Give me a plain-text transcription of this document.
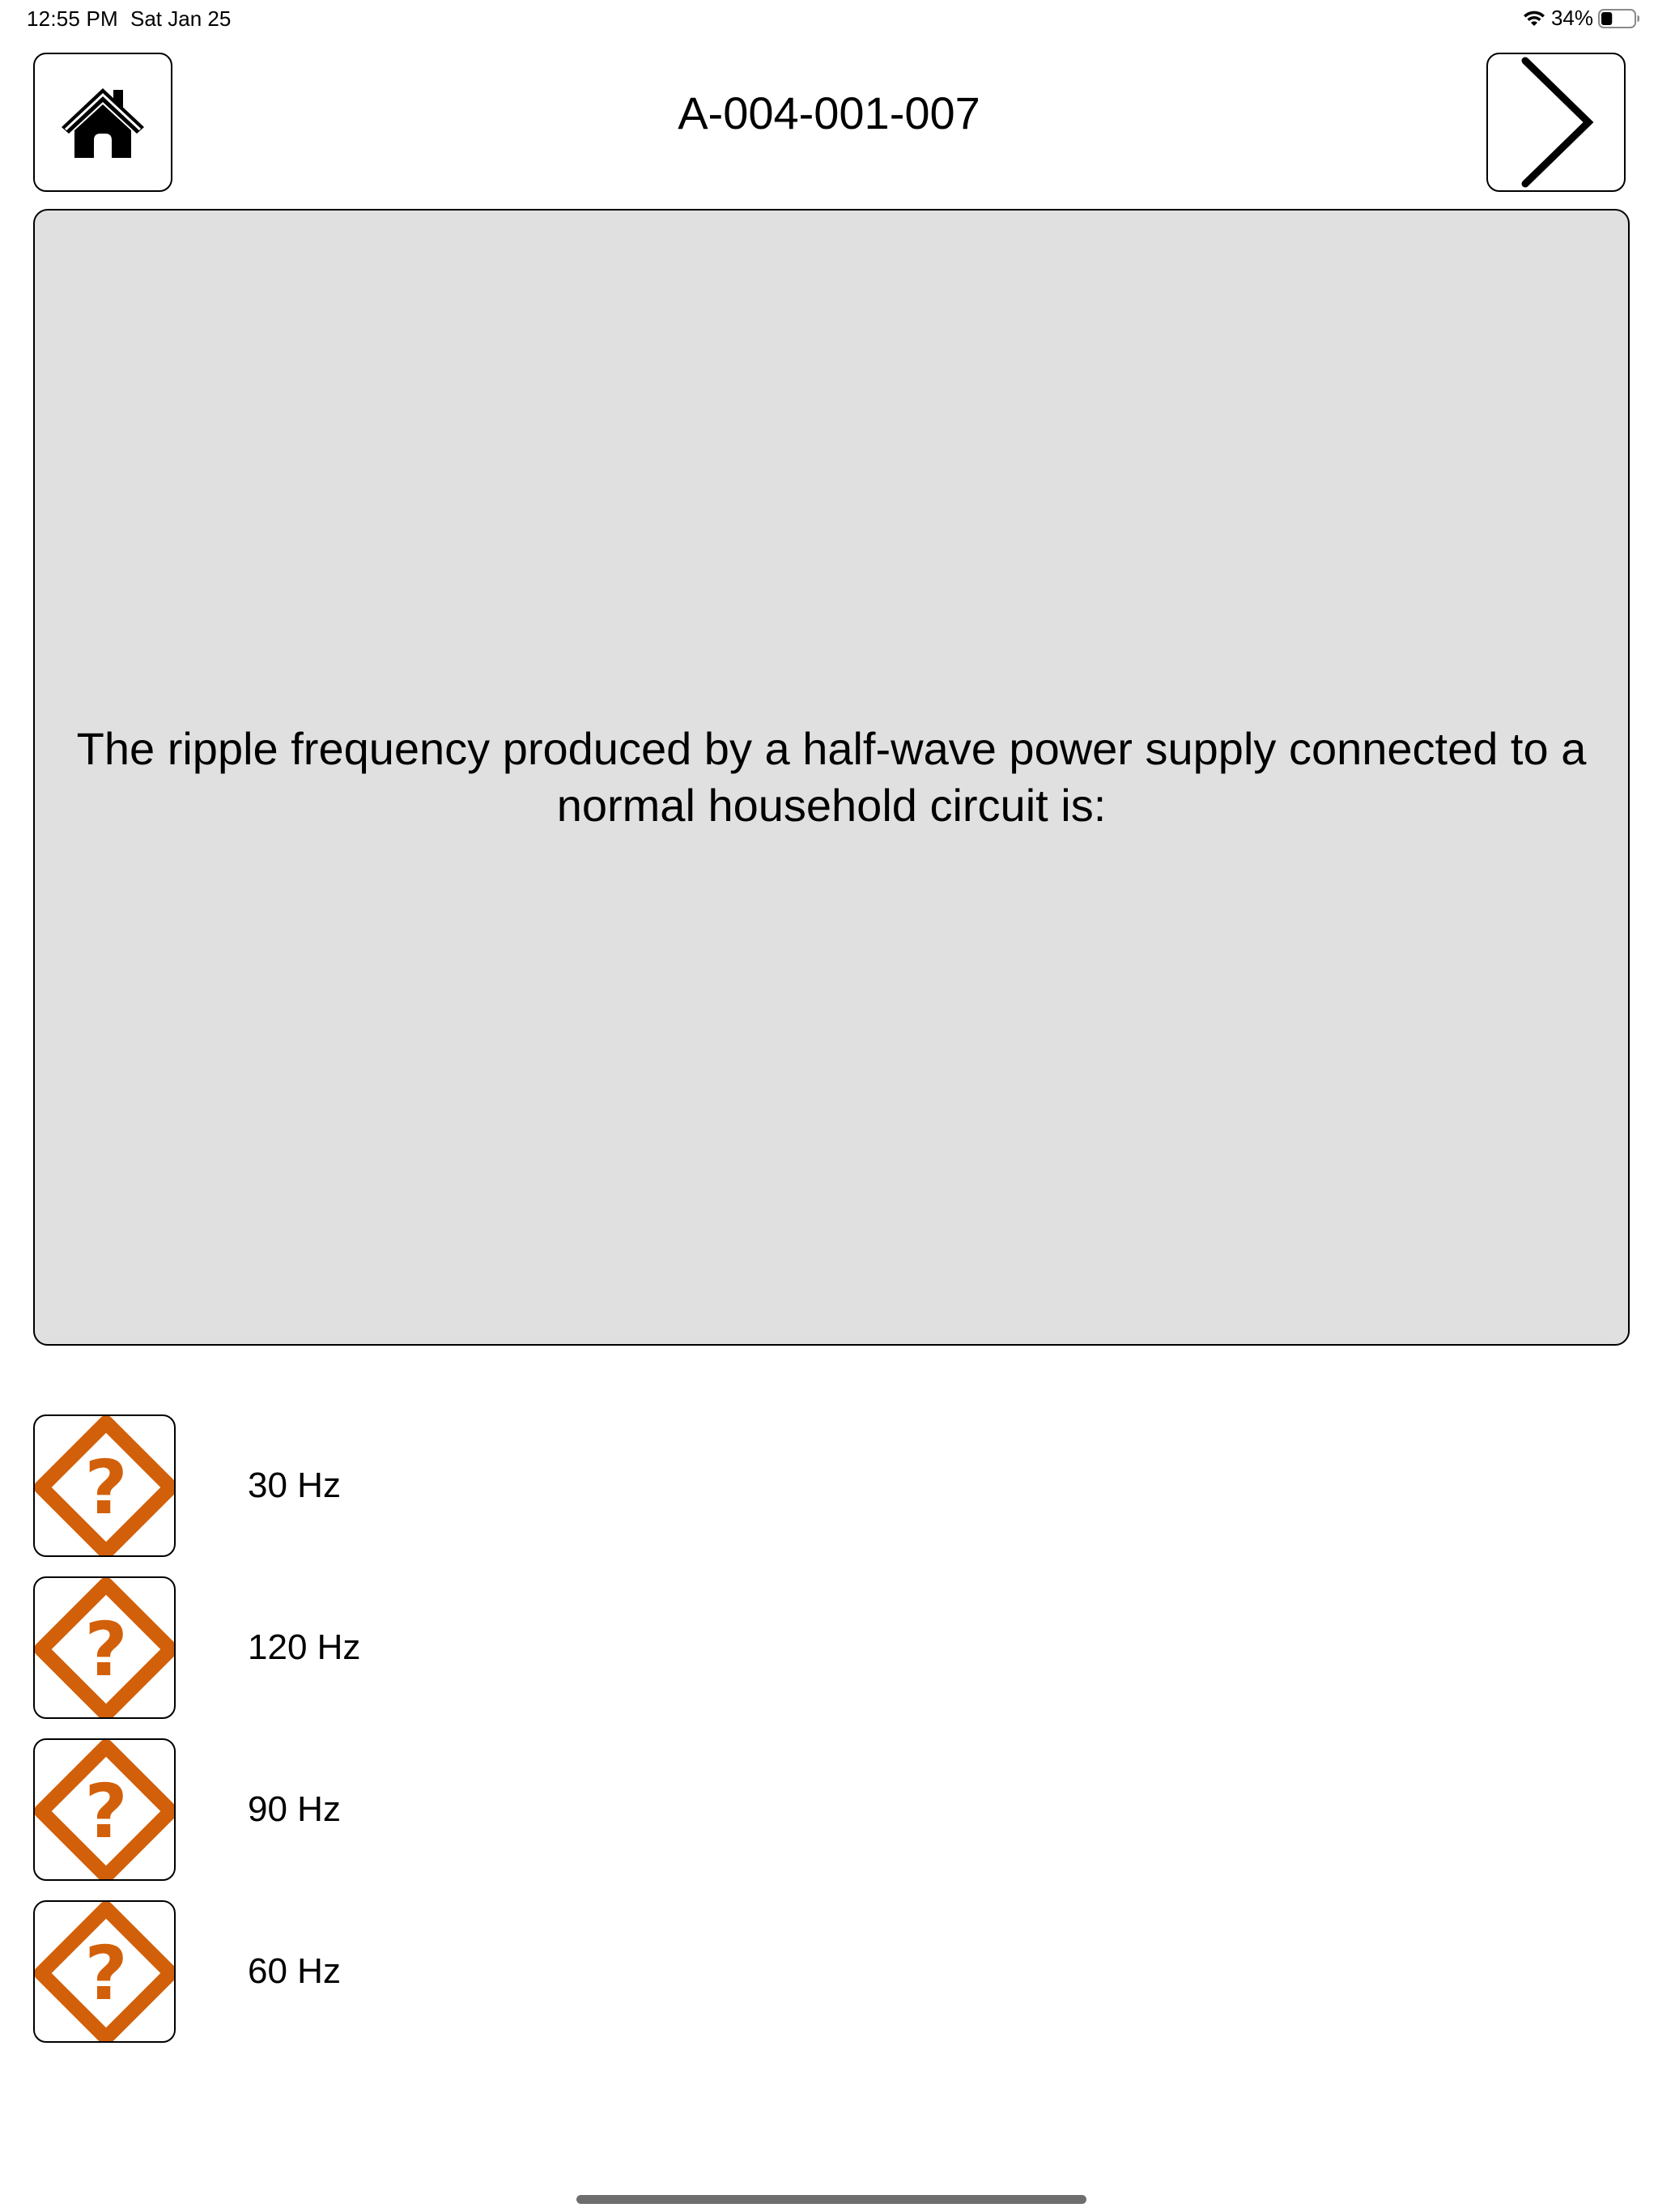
12:55 PM Sat Jan 25	34%
A-004-001-007
The ripple frequency produced by a half-wave power supply connected to a normal household circuit is:
?	30 Hz
?	120 Hz
?	90 Hz
?	60 Hz
